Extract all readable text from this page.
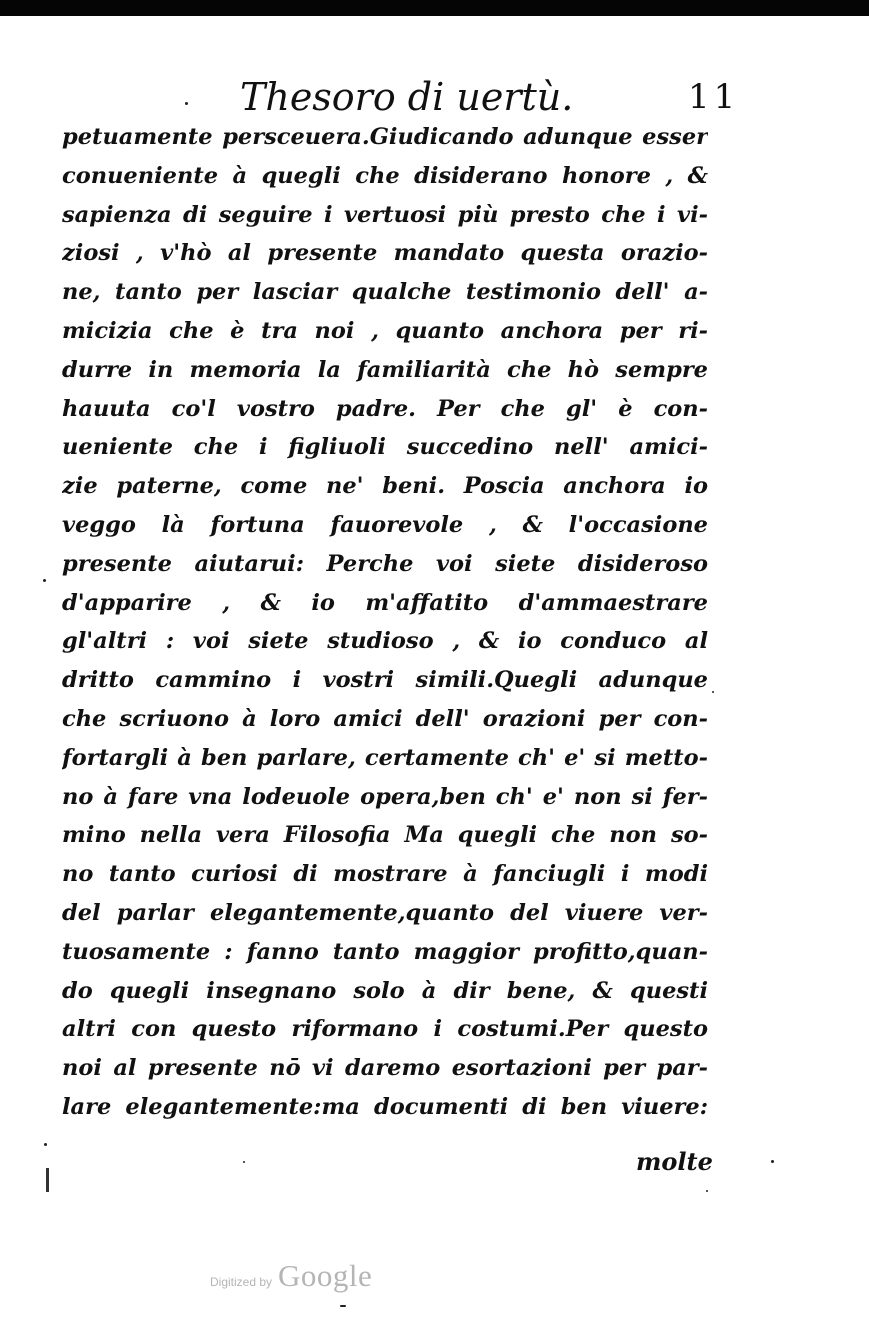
Thesoro di uertù.	11
petuamente persceuera.Giudicando adunque esser
conueniente à quegli che disiderano honore , &
sapienza di seguire i vertuosi più presto che i vi-
ziosi , v'hò al presente mandato questa orazio-
ne, tanto per lasciar qualche testimonio dell' a-
micizia che è tra noi , quanto anchora per ri-
durre in memoria la familiarità che hò sempre
hauuta co'l vostro padre. Per che gl' è con-
ueniente che i figliuoli succedino nell' amici-
zie paterne, come ne' beni. Poscia anchora io
veggo là fortuna fauorevole , & l'occasione
presente aiutarui: Perche voi siete disideroso
d'apparire , & io m'affatito d'ammaestrare
gl'altri : voi siete studioso , & io conduco al
dritto cammino i vostri simili.Quegli adunque
che scriuono à loro amici dell' orazioni per con-
fortargli à ben parlare, certamente ch' e' si metto-
no à fare vna lodeuole opera,ben ch' e' non si fer-
mino nella vera Filosofia Ma quegli che non so-
no tanto curiosi di mostrare à fanciugli i modi
del parlar elegantemente,quanto del viuere ver-
tuosamente : fanno tanto maggior profitto,quan-
do quegli insegnano solo à dir bene, & questi
altri con questo riformano i costumi.Per questo
noi al presente nō vi daremo esortazioni per par-
lare elegantemente:ma documenti di ben viuere:
molte
Digitized by Google
